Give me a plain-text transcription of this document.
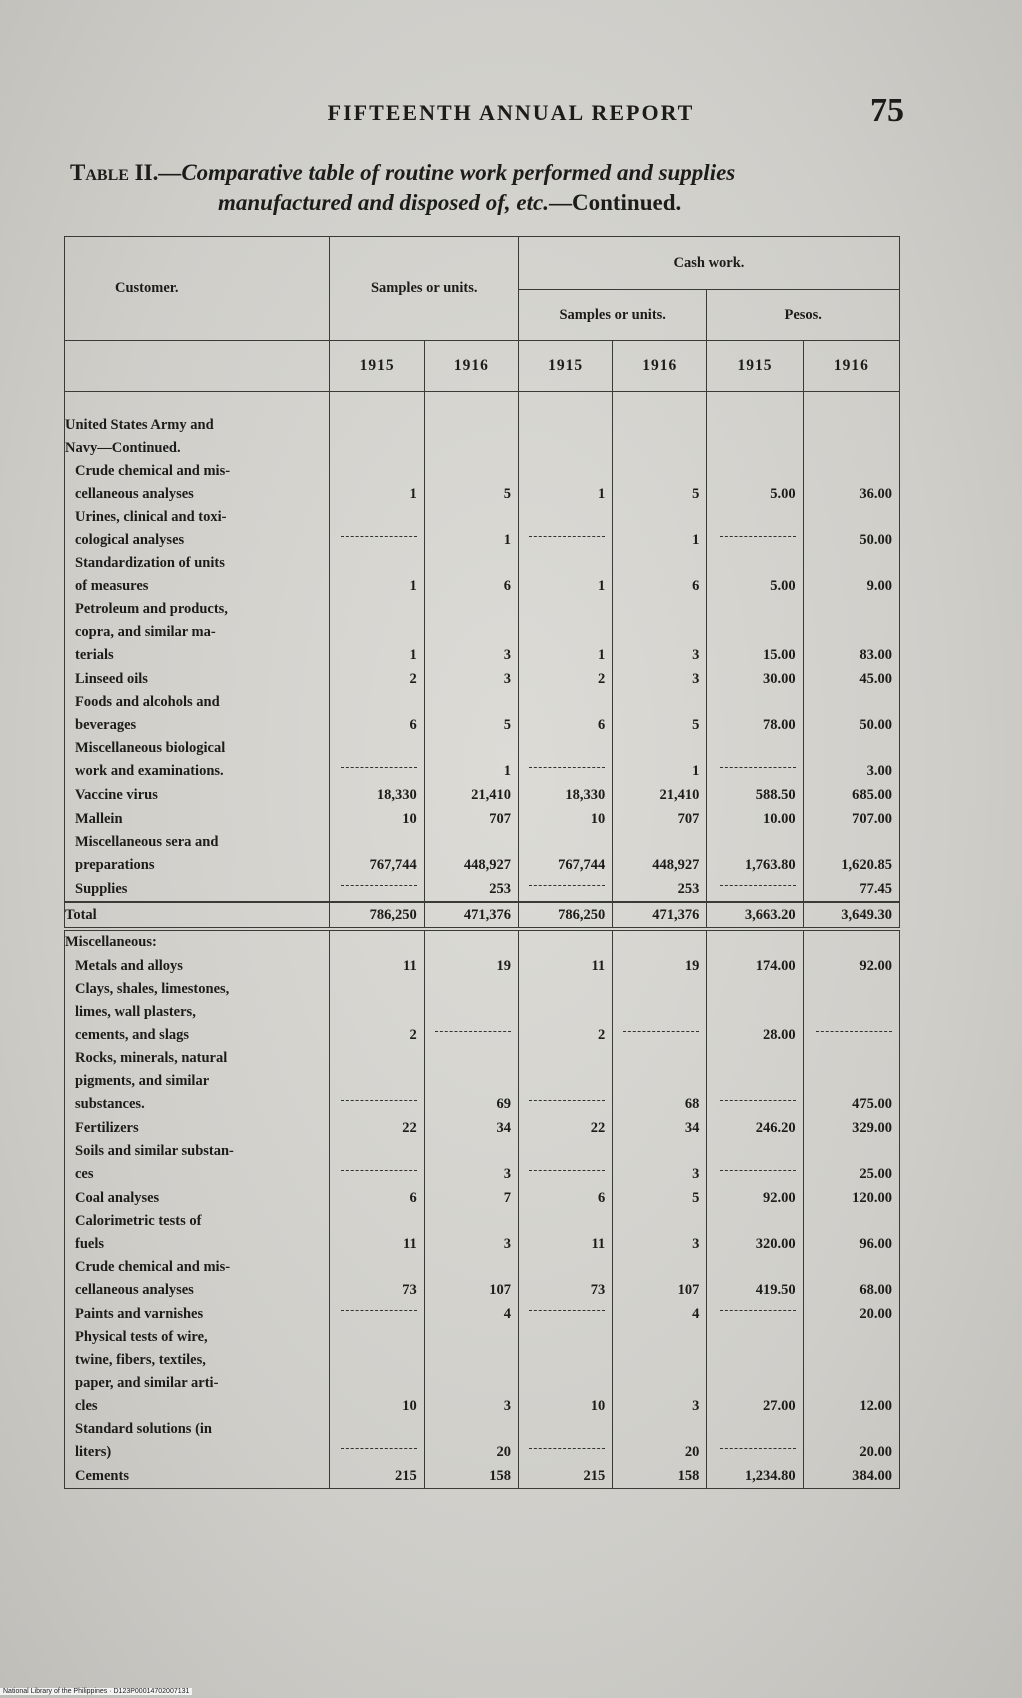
FIFTEENTH ANNUAL REPORT	75
Table II.—Comparative table of routine work performed and supplies
manufactured and disposed of, etc.—Continued.
Customer.	Samples or units.		Cash work.			
			Samples or units.		Pesos.	
	1915	1916	1915	1916	1915	1916

United States Army and
Navy—Continued.						

Crude chemical and mis-
cellaneous analyses	1	5	1	5	5.00	36.00

Urines, clinical and toxi-
cological analyses		1		1		50.00

Standardization of units
of measures	1	6	1	6	5.00	9.00

Petroleum and products,
copra, and similar ma-
terials	1	3	1	3	15.00	83.00

Linseed oils	2	3	2	3	30.00	45.00

Foods and alcohols and
beverages	6	5	6	5	78.00	50.00

Miscellaneous biological
work and examinations.		1		1		3.00

Vaccine virus	18,330	21,410	18,330	21,410	588.50	685.00

Mallein	10	707	10	707	10.00	707.00

Miscellaneous sera and
preparations	767,744	448,927	767,744	448,927	1,763.80	1,620.85

Supplies		253		253		77.45

Total	786,250	471,376	786,250	471,376	3,663.20	3,649.30

Miscellaneous:						

Metals and alloys	11	19	11	19	174.00	92.00

Clays, shales, limestones,
limes, wall plasters,
cements, and slags	2		2		28.00	

Rocks, minerals, natural
pigments, and similar
substances.		69		68		475.00

Fertilizers	22	34	22	34	246.20	329.00

Soils and similar substan-
ces		3		3		25.00

Coal analyses	6	7	6	5	92.00	120.00

Calorimetric tests of
fuels	11	3	11	3	320.00	96.00

Crude chemical and mis-
cellaneous analyses	73	107	73	107	419.50	68.00

Paints and varnishes		4		4		20.00

Physical tests of wire,
twine, fibers, textiles,
paper, and similar arti-
cles	10	3	10	3	27.00	12.00

Standard solutions (in
liters)		20		20		20.00

Cements	215	158	215	158	1,234.80	384.00
National Library of the Philippines · D123P00014702007131
